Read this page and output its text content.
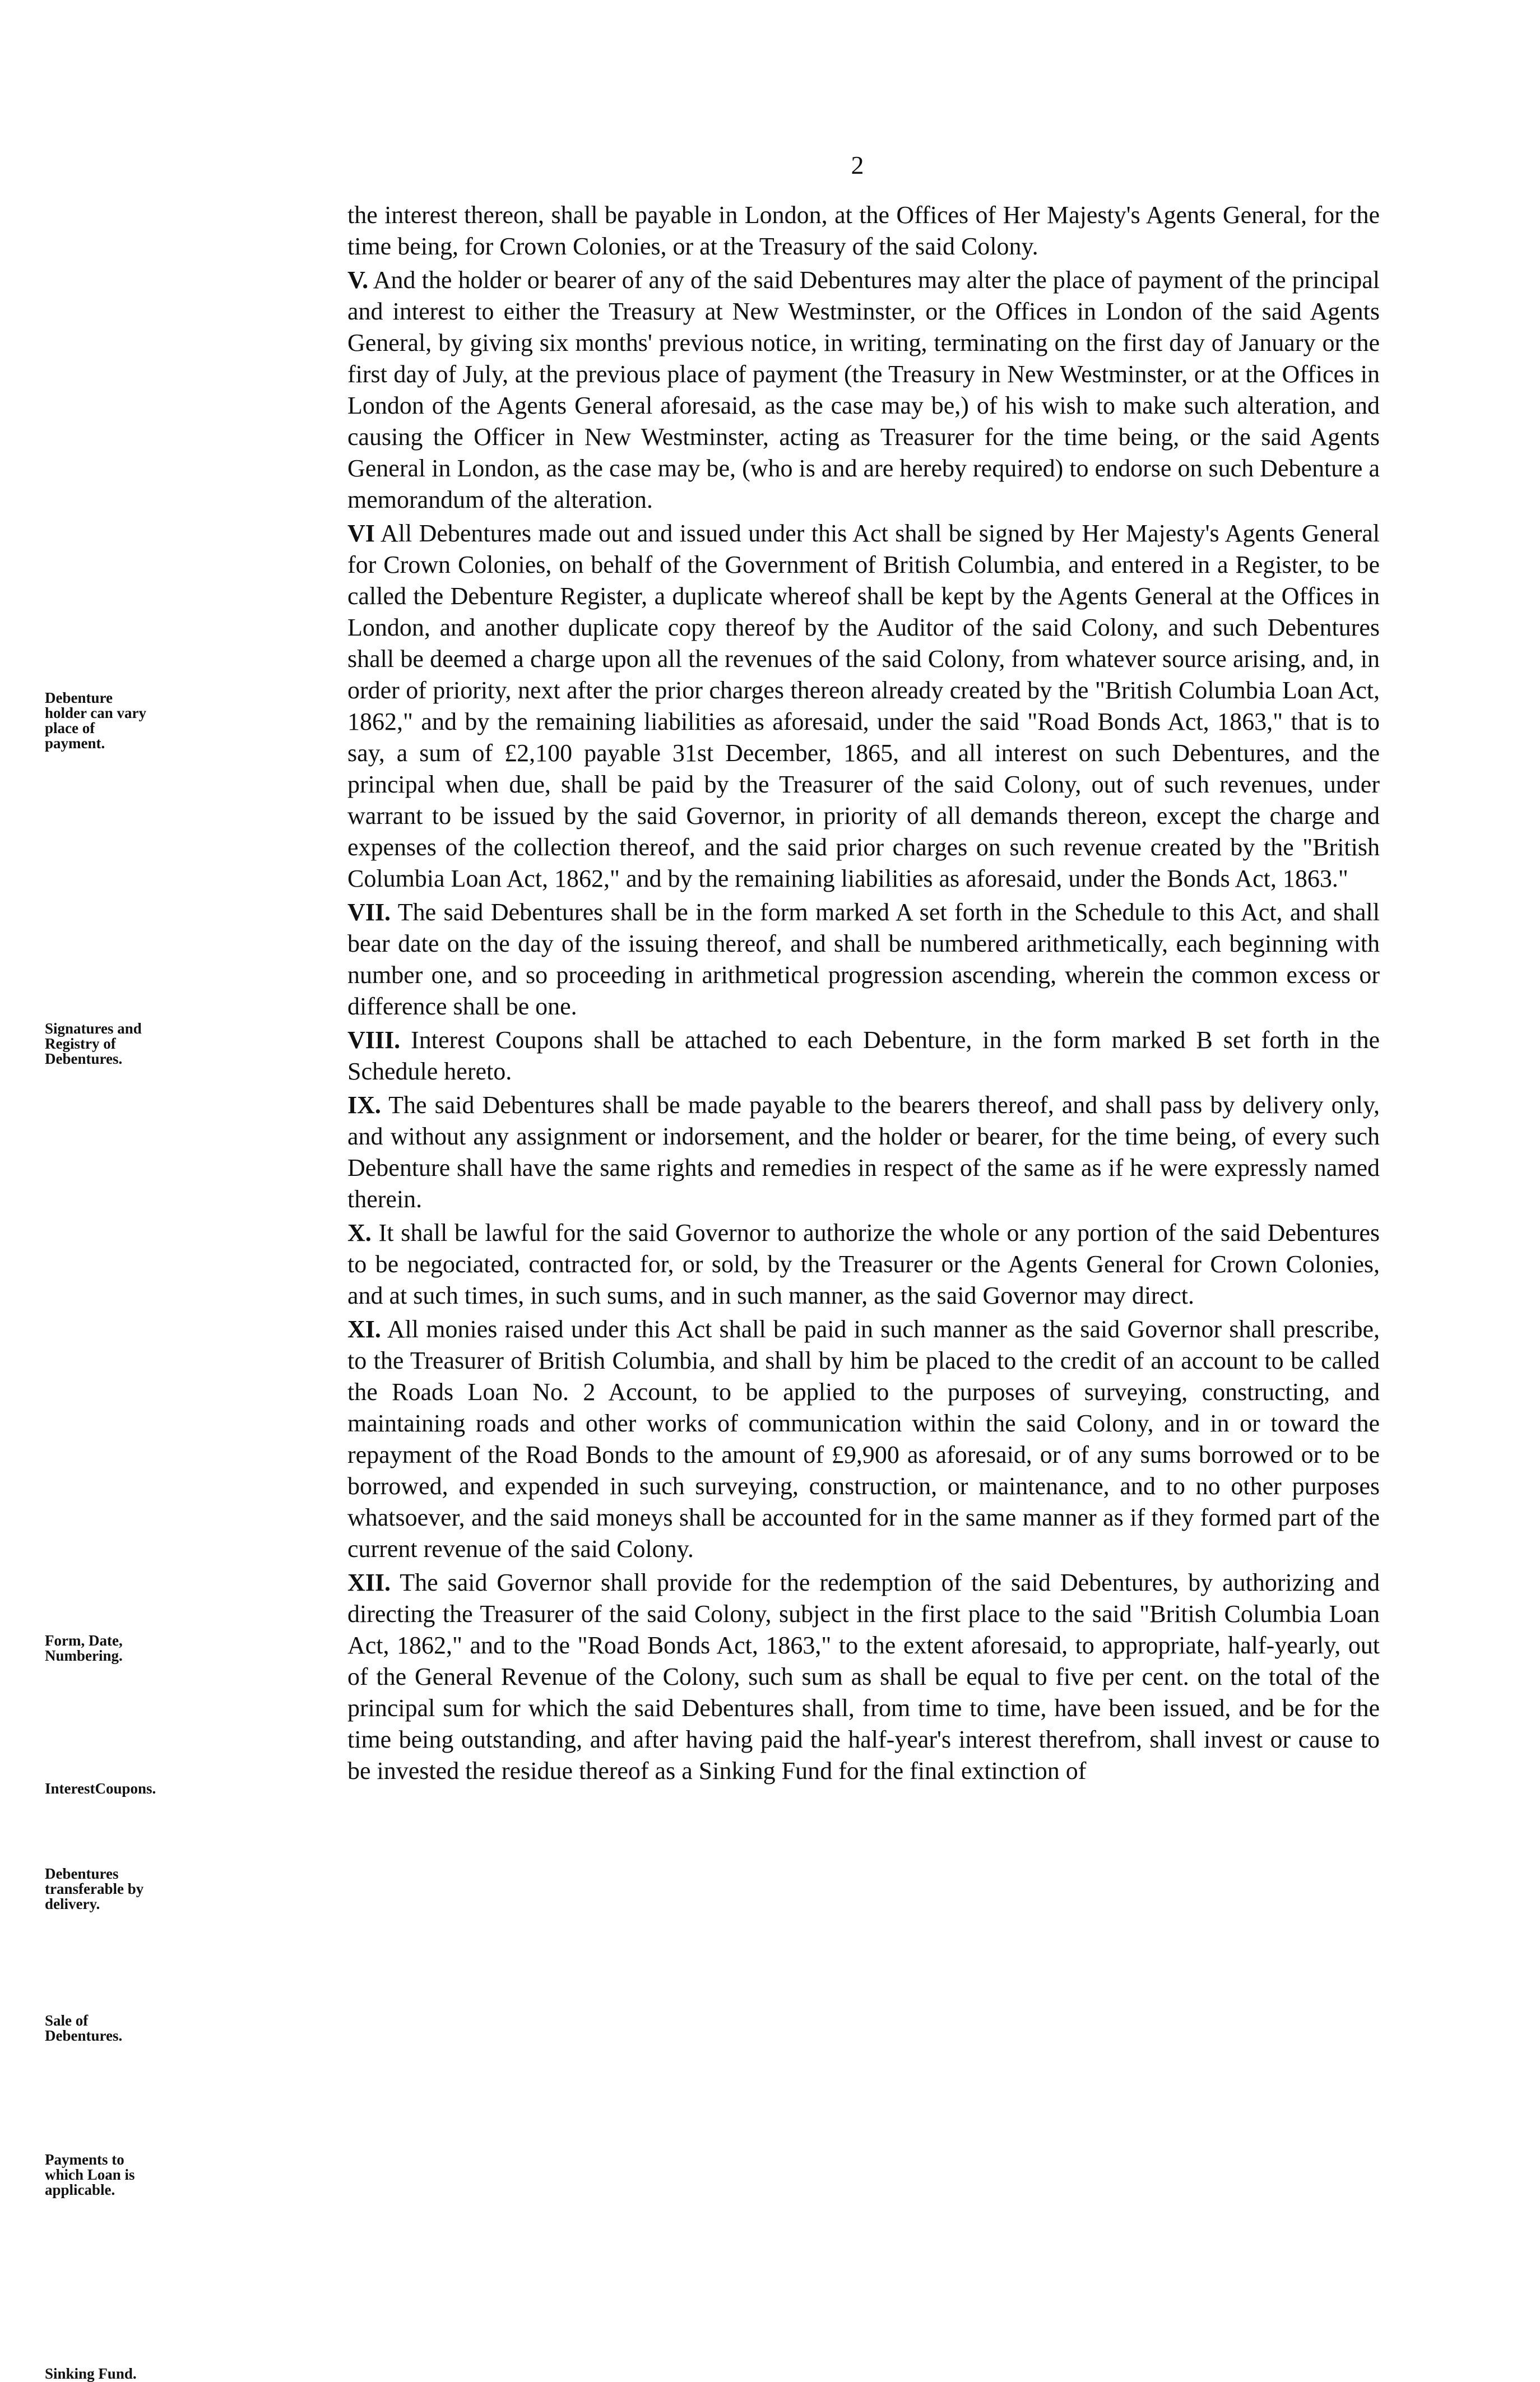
2
Debenture
holder can vary
place of
payment.
Signatures and
Registry of
Debentures.
Form, Date,
Numbering.
InterestCoupons.
Debentures
transferable by
delivery.
Sale of
Debentures.
Payments to
which Loan is
applicable.
Sinking Fund.

the interest thereon, shall be payable in London, at the Offices of Her Majesty's Agents General, for the time being, for Crown Colonies, or at the Treasury of the said Colony.

V. And the holder or bearer of any of the said Debentures may alter the place of payment of the principal and interest to either the Treasury at New Westminster, or the Offices in London of the said Agents General, by giving six months' previous notice, in writing, terminating on the first day of January or the first day of July, at the previous place of payment (the Treasury in New Westminster, or at the Offices in London of the Agents General aforesaid, as the case may be,) of his wish to make such alteration, and causing the Officer in New Westminster, acting as Treasurer for the time being, or the said Agents General in London, as the case may be, (who is and are hereby required) to endorse on such Debenture a memorandum of the alteration.

VI All Debentures made out and issued under this Act shall be signed by Her Majesty's Agents General for Crown Colonies, on behalf of the Government of British Columbia, and entered in a Register, to be called the Debenture Register, a duplicate whereof shall be kept by the Agents General at the Offices in London, and another duplicate copy thereof by the Auditor of the said Colony, and such Debentures shall be deemed a charge upon all the revenues of the said Colony, from whatever source arising, and, in order of priority, next after the prior charges thereon already created by the "British Columbia Loan Act, 1862," and by the remaining liabilities as aforesaid, under the said "Road Bonds Act, 1863," that is to say, a sum of £2,100 payable 31st December, 1865, and all interest on such Debentures, and the principal when due, shall be paid by the Treasurer of the said Colony, out of such revenues, under warrant to be issued by the said Governor, in priority of all demands thereon, except the charge and expenses of the collection thereof, and the said prior charges on such revenue created by the "British Columbia Loan Act, 1862," and by the remaining liabilities as aforesaid, under the Bonds Act, 1863."

VII. The said Debentures shall be in the form marked A set forth in the Schedule to this Act, and shall bear date on the day of the issuing thereof, and shall be numbered arithmetically, each beginning with number one, and so proceeding in arithmetical progression ascending, wherein the common excess or difference shall be one.

VIII. Interest Coupons shall be attached to each Debenture, in the form marked B set forth in the Schedule hereto.

IX. The said Debentures shall be made payable to the bearers thereof, and shall pass by delivery only, and without any assignment or indorsement, and the holder or bearer, for the time being, of every such Debenture shall have the same rights and remedies in respect of the same as if he were expressly named therein.

X. It shall be lawful for the said Governor to authorize the whole or any portion of the said Debentures to be negociated, contracted for, or sold, by the Treasurer or the Agents General for Crown Colonies, and at such times, in such sums, and in such manner, as the said Governor may direct.

XI. All monies raised under this Act shall be paid in such manner as the said Governor shall prescribe, to the Treasurer of British Columbia, and shall by him be placed to the credit of an account to be called the Roads Loan No. 2 Account, to be applied to the purposes of surveying, constructing, and maintaining roads and other works of communication within the said Colony, and in or toward the repayment of the Road Bonds to the amount of £9,900 as aforesaid, or of any sums borrowed or to be borrowed, and expended in such surveying, construction, or maintenance, and to no other purposes whatsoever, and the said moneys shall be accounted for in the same manner as if they formed part of the current revenue of the said Colony.

XII. The said Governor shall provide for the redemption of the said Debentures, by authorizing and directing the Treasurer of the said Colony, subject in the first place to the said "British Columbia Loan Act, 1862," and to the "Road Bonds Act, 1863," to the extent aforesaid, to appropriate, half-yearly, out of the General Revenue of the Colony, such sum as shall be equal to five per cent. on the total of the principal sum for which the said Debentures shall, from time to time, have been issued, and be for the time being outstanding, and after having paid the half-year's interest therefrom, shall invest or cause to be invested the residue thereof as a Sinking Fund for the final extinction of
